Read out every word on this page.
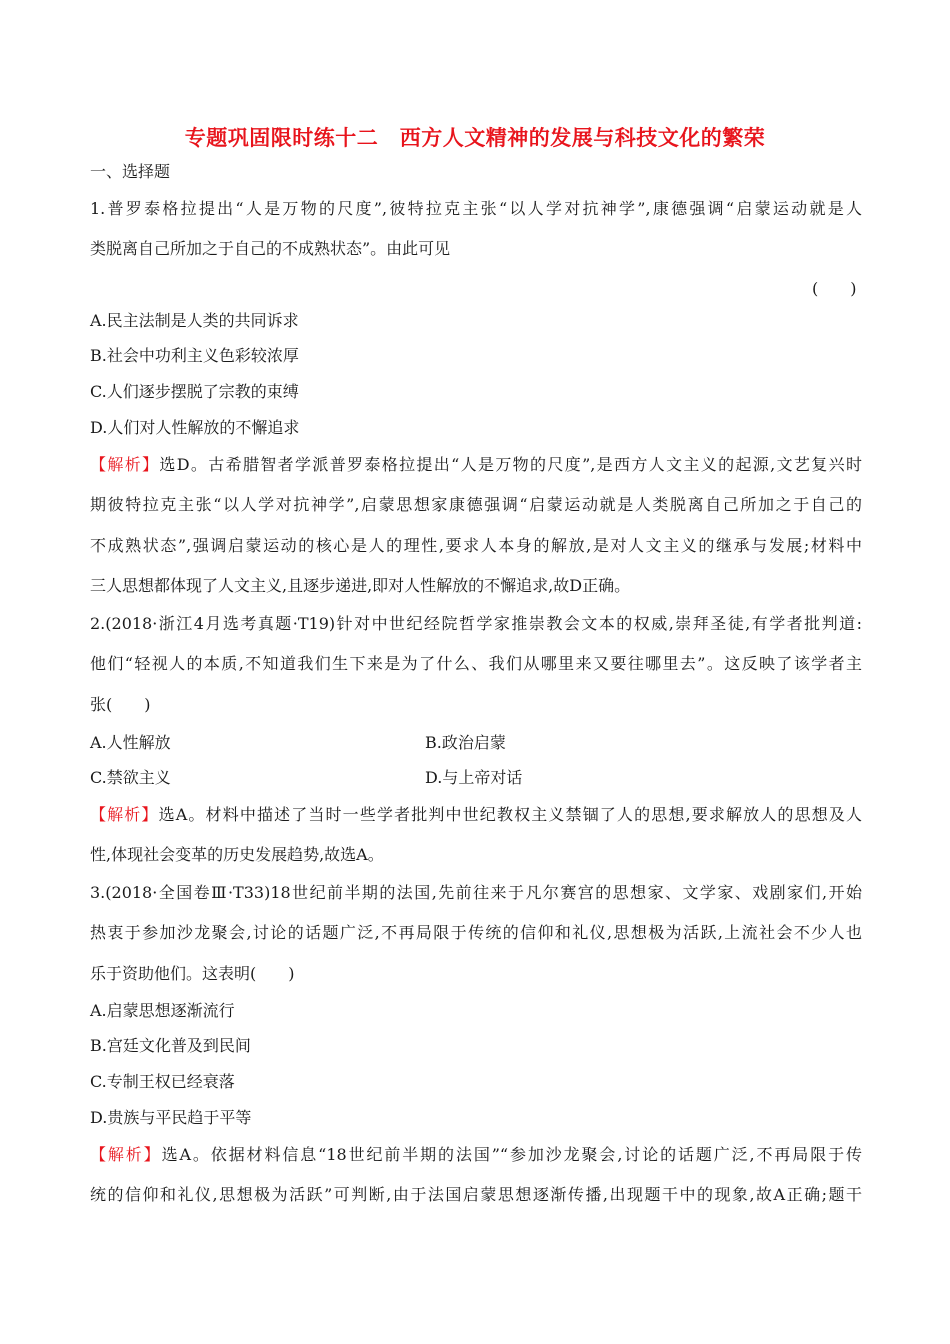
专题巩固限时练十二　西方人文精神的发展与科技文化的繁荣
一、选择题
1.普罗泰格拉提出“人是万物的尺度”,彼特拉克主张“以人学对抗神学”,康德强调“启蒙运动就是人
类脱离自己所加之于自己的不成熟状态”。由此可见
(　　)
A.民主法制是人类的共同诉求
B.社会中功利主义色彩较浓厚
C.人们逐步摆脱了宗教的束缚
D.人们对人性解放的不懈追求
【解析】选D。古希腊智者学派普罗泰格拉提出“人是万物的尺度”,是西方人文主义的起源,文艺复兴时
期彼特拉克主张“以人学对抗神学”,启蒙思想家康德强调“启蒙运动就是人类脱离自己所加之于自己的
不成熟状态”,强调启蒙运动的核心是人的理性,要求人本身的解放,是对人文主义的继承与发展;材料中
三人思想都体现了人文主义,且逐步递进,即对人性解放的不懈追求,故D正确。
2.(2018·浙江4月选考真题·T19)针对中世纪经院哲学家推崇教会文本的权威,崇拜圣徒,有学者批判道:
他们“轻视人的本质,不知道我们生下来是为了什么、我们从哪里来又要往哪里去”。这反映了该学者主
张(　　)
A.人性解放	B.政治启蒙
C.禁欲主义	D.与上帝对话
【解析】选A。材料中描述了当时一些学者批判中世纪教权主义禁锢了人的思想,要求解放人的思想及人
性,体现社会变革的历史发展趋势,故选A。
3.(2018·全国卷Ⅲ·T33)18世纪前半期的法国,先前往来于凡尔赛宫的思想家、文学家、戏剧家们,开始
热衷于参加沙龙聚会,讨论的话题广泛,不再局限于传统的信仰和礼仪,思想极为活跃,上流社会不少人也
乐于资助他们。这表明(　　)
A.启蒙思想逐渐流行
B.宫廷文化普及到民间
C.专制王权已经衰落
D.贵族与平民趋于平等
【解析】选A。依据材料信息“18世纪前半期的法国”“参加沙龙聚会,讨论的话题广泛,不再局限于传
统的信仰和礼仪,思想极为活跃”可判断,由于法国启蒙思想逐渐传播,出现题干中的现象,故A正确;题干
